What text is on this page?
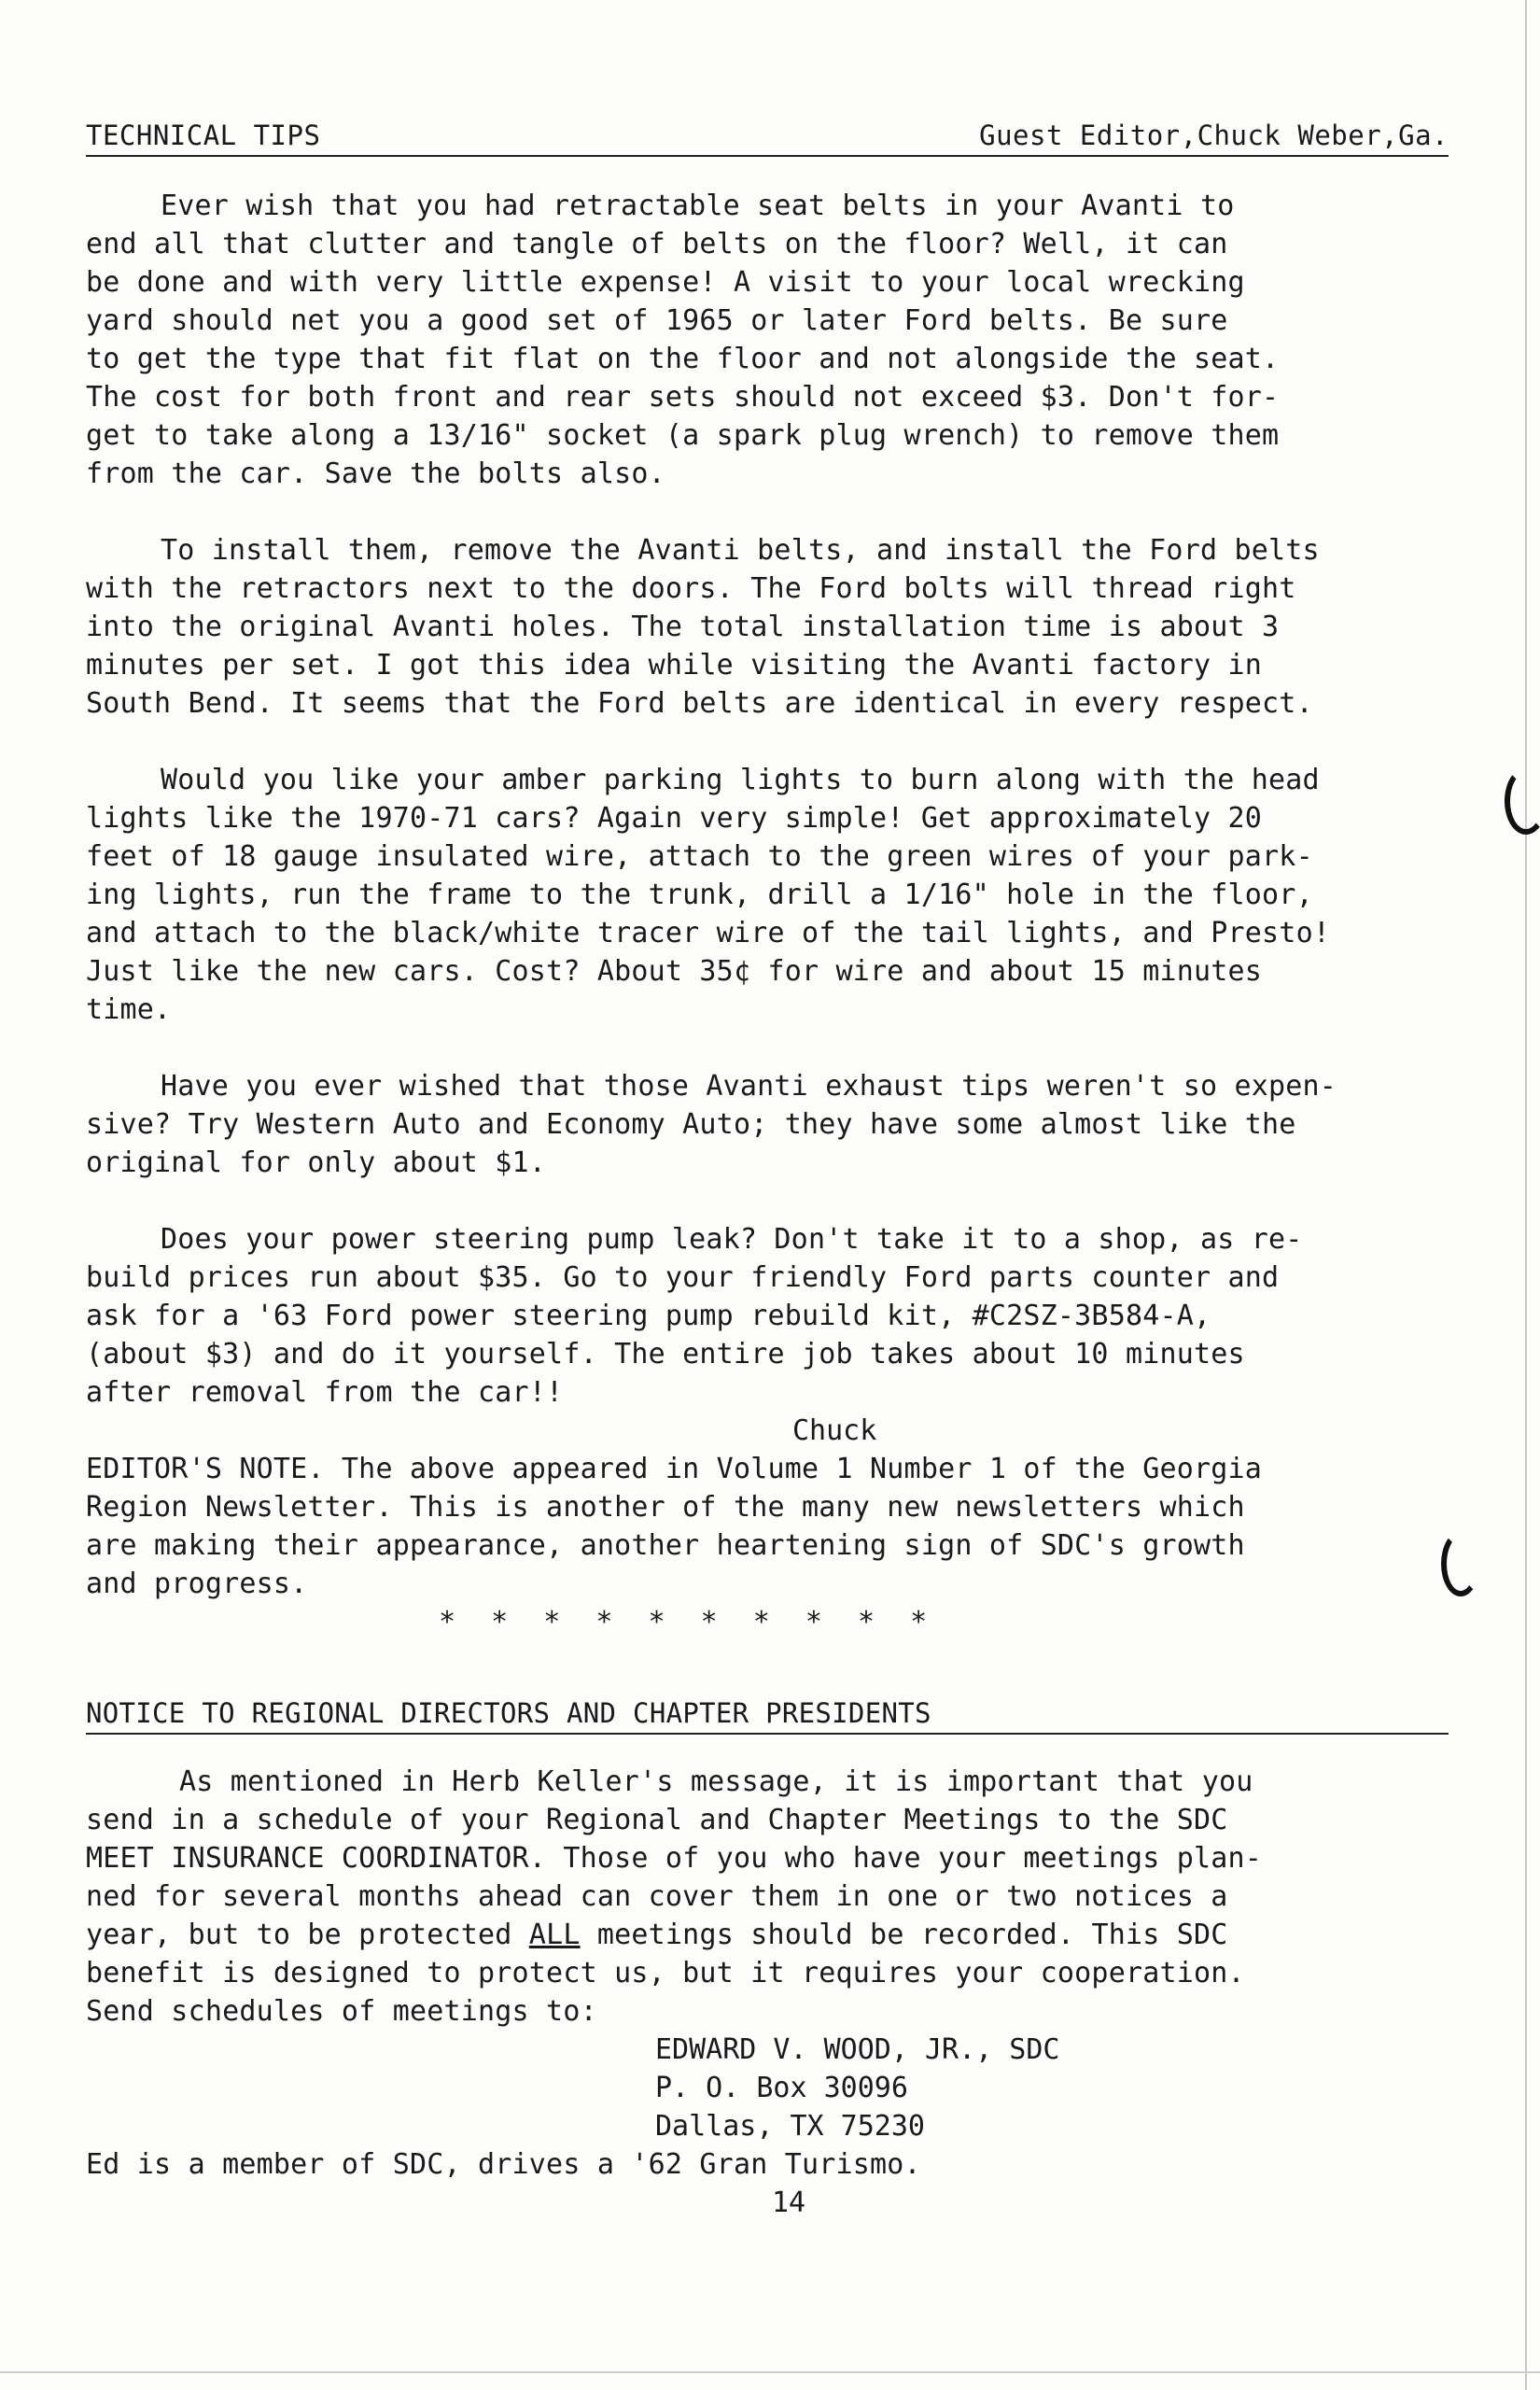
TECHNICAL TIPS	Guest Editor,Chuck Weber,Ga.

Ever wish that you had retractable seat belts in your Avanti to
end all that clutter and tangle of belts on the floor? Well, it can
be done and with very little expense! A visit to your local wrecking
yard should net you a good set of 1965 or later Ford belts. Be sure
to get the type that fit flat on the floor and not alongside the seat.
The cost for both front and rear sets should not exceed $3. Don't for-
get to take along a 13/16" socket (a spark plug wrench) to remove them
from the car. Save the bolts also.

To install them, remove the Avanti belts, and install the Ford belts
with the retractors next to the doors. The Ford bolts will thread right
into the original Avanti holes. The total installation time is about 3
minutes per set. I got this idea while visiting the Avanti factory in
South Bend. It seems that the Ford belts are identical in every respect.

Would you like your amber parking lights to burn along with the head
lights like the 1970-71 cars? Again very simple! Get approximately 20
feet of 18 gauge insulated wire, attach to the green wires of your park-
ing lights, run the frame to the trunk, drill a 1/16" hole in the floor,
and attach to the black/white tracer wire of the tail lights, and Presto!
Just like the new cars. Cost? About 35¢ for wire and about 15 minutes
time.

Have you ever wished that those Avanti exhaust tips weren't so expen-
sive? Try Western Auto and Economy Auto; they have some almost like the
original for only about $1.

Does your power steering pump leak? Don't take it to a shop, as re-
build prices run about $35. Go to your friendly Ford parts counter and
ask for a '63 Ford power steering pump rebuild kit, #C2SZ-3B584-A,
(about $3) and do it yourself. The entire job takes about 10 minutes
after removal from the car!!

Chuck

EDITOR'S NOTE. The above appeared in Volume 1 Number 1 of the Georgia
Region Newsletter. This is another of the many new newsletters which
are making their appearance, another heartening sign of SDC's growth
and progress.

* * * * * * * * * *
NOTICE TO REGIONAL DIRECTORS AND CHAPTER PRESIDENTS

As mentioned in Herb Keller's message, it is important that you
send in a schedule of your Regional and Chapter Meetings to the SDC
MEET INSURANCE COORDINATOR. Those of you who have your meetings plan-
ned for several months ahead can cover them in one or two notices a
year, but to be protected ALL meetings should be recorded. This SDC
benefit is designed to protect us, but it requires your cooperation.
Send schedules of meetings to:

EDWARD V. WOOD, JR., SDC
P. O. Box 30096
Dallas, TX 75230

Ed is a member of SDC, drives a '62 Gran Turismo.

14
